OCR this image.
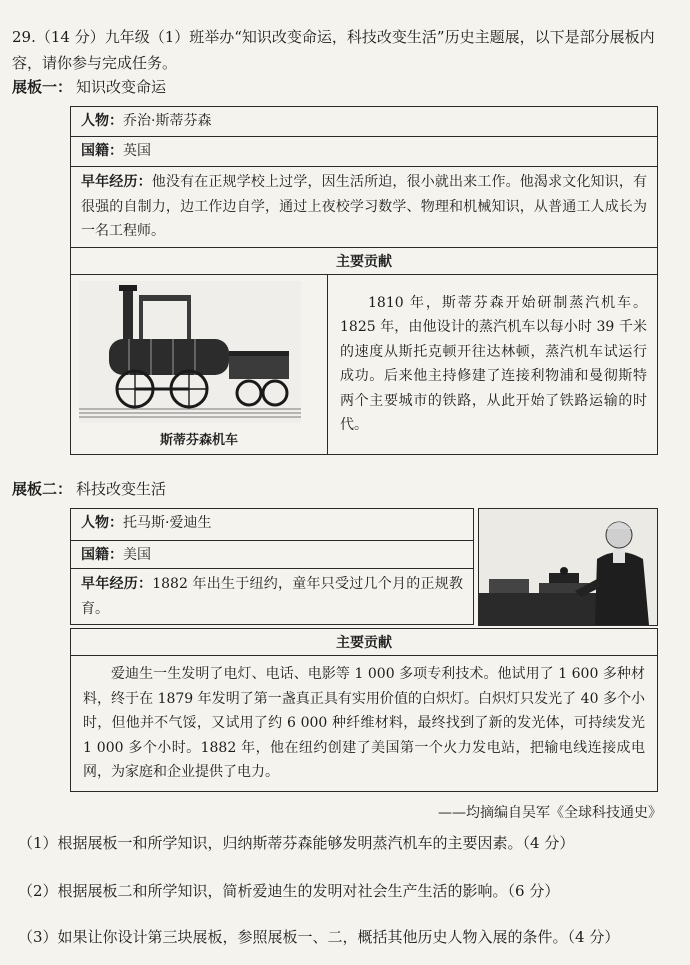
29.（14 分）九年级（1）班举办“知识改变命运，科技改变生活”历史主题展，以下是部分展板内容，请你参与完成任务。
展板一： 知识改变命运
人物：乔治·斯蒂芬森
国籍：英国
早年经历：他没有在正规学校上过学，因生活所迫，很小就出来工作。他渴求文化知识，有很强的自制力，边工作边自学，通过上夜校学习数学、物理和机械知识，从普通工人成长为一名工程师。
主要贡献

斯蒂芬森机车
	1810 年，斯蒂芬森开始研制蒸汽机车。1825 年，由他设计的蒸汽机车以每小时 39 千米的速度从斯托克顿开往达林顿，蒸汽机车试运行成功。后来他主持修建了连接利物浦和曼彻斯特两个主要城市的铁路，从此开始了铁路运输的时代。
展板二： 科技改变生活
人物：托马斯·爱迪生
国籍：美国
早年经历：1882 年出生于纽约，童年只受过几个月的正规教育。
主要贡献
爱迪生一生发明了电灯、电话、电影等 1 000 多项专利技术。他试用了 1 600 多种材料，终于在 1879 年发明了第一盏真正具有实用价值的白炽灯。白炽灯只发光了 40 多个小时，但他并不气馁，又试用了约 6 000 种纤维材料，最终找到了新的发光体，可持续发光 1 000 多个小时。1882 年，他在纽约创建了美国第一个火力发电站，把输电线连接成电网，为家庭和企业提供了电力。
——均摘编自吴军《全球科技通史》
（1）根据展板一和所学知识，归纳斯蒂芬森能够发明蒸汽机车的主要因素。（4 分）
（2）根据展板二和所学知识，简析爱迪生的发明对社会生产生活的影响。（6 分）
（3）如果让你设计第三块展板，参照展板一、二，概括其他历史人物入展的条件。（4 分）
